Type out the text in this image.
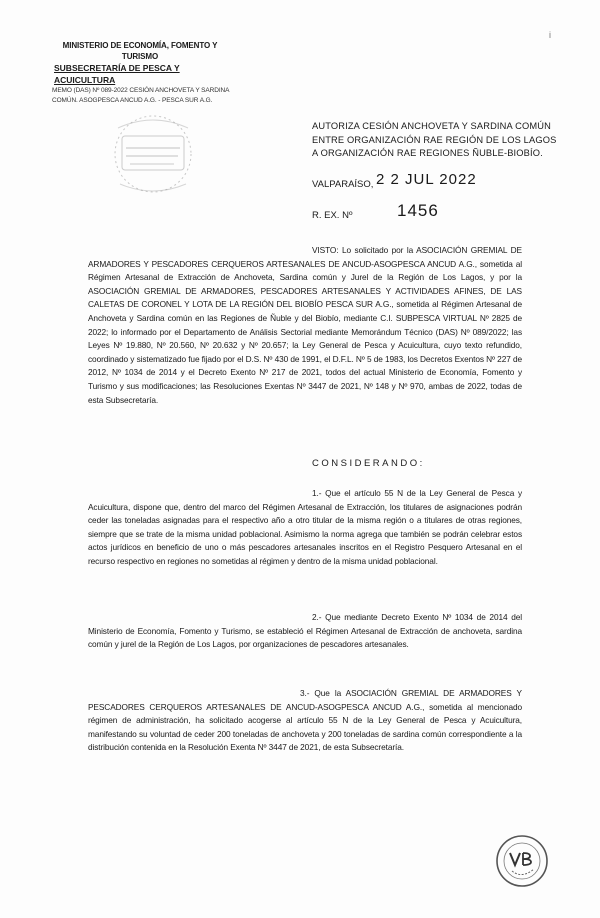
i
MINISTERIO DE ECONOMÍA, FOMENTO Y
TURISMO
SUBSECRETARÍA DE PESCA Y ACUICULTURA
MEMO (DAS) Nº 089-2022 CESIÓN ANCHOVETA Y SARDINA
COMÚN. ASOGPESCA ANCUD A.G. - PESCA SUR A.G.
AUTORIZA CESIÓN ANCHOVETA Y SARDINA COMÚN ENTRE ORGANIZACIÓN RAE REGIÓN DE LOS LAGOS A ORGANIZACIÓN RAE REGIONES ÑUBLE-BIOBÍO.
VALPARAÍSO, 2 2 JUL 2022
R. EX. Nº	1456
VISTO: Lo solicitado por la ASOCIACIÓN GREMIAL DE ARMADORES Y PESCADORES CERQUEROS ARTESANALES DE ANCUD-ASOGPESCA ANCUD A.G., sometida al Régimen Artesanal de Extracción de Anchoveta, Sardina común y Jurel de la Región de Los Lagos, y por la ASOCIACIÓN GREMIAL DE ARMADORES, PESCADORES ARTESANALES Y ACTIVIDADES AFINES, DE LAS CALETAS DE CORONEL Y LOTA DE LA REGIÓN DEL BIOBÍO PESCA SUR A.G., sometida al Régimen Artesanal de Anchoveta y Sardina común en las Regiones de Ñuble y del Biobío, mediante C.I. SUBPESCA VIRTUAL Nº 2825 de 2022; lo informado por el Departamento de Análisis Sectorial mediante Memorándum Técnico (DAS) Nº 089/2022; las Leyes Nº 19.880, Nº 20.560, Nº 20.632 y Nº 20.657; la Ley General de Pesca y Acuicultura, cuyo texto refundido, coordinado y sistematizado fue fijado por el D.S. Nº 430 de 1991, el D.F.L. Nº 5 de 1983, los Decretos Exentos Nº 227 de 2012, Nº 1034 de 2014 y el Decreto Exento Nº 217 de 2021, todos del actual Ministerio de Economía, Fomento y Turismo y sus modificaciones; las Resoluciones Exentas Nº 3447 de 2021, Nº 148 y Nº 970, ambas de 2022, todas de esta Subsecretaría.
CONSIDERANDO:
1.- Que el artículo 55 N de la Ley General de Pesca y Acuicultura, dispone que, dentro del marco del Régimen Artesanal de Extracción, los titulares de asignaciones podrán ceder las toneladas asignadas para el respectivo año a otro titular de la misma región o a titulares de otras regiones, siempre que se trate de la misma unidad poblacional. Asimismo la norma agrega que también se podrán celebrar estos actos jurídicos en beneficio de uno o más pescadores artesanales inscritos en el Registro Pesquero Artesanal en el recurso respectivo en regiones no sometidas al régimen y dentro de la misma unidad poblacional.
2.- Que mediante Decreto Exento Nº 1034 de 2014 del Ministerio de Economía, Fomento y Turismo, se estableció el Régimen Artesanal de Extracción de anchoveta, sardina común y jurel de la Región de Los Lagos, por organizaciones de pescadores artesanales.
3.- Que la ASOCIACIÓN GREMIAL DE ARMADORES Y PESCADORES CERQUEROS ARTESANALES DE ANCUD-ASOGPESCA ANCUD A.G., sometida al mencionado régimen de administración, ha solicitado acogerse al artículo 55 N de la Ley General de Pesca y Acuicultura, manifestando su voluntad de ceder 200 toneladas de anchoveta y 200 toneladas de sardina común correspondiente a la distribución contenida en la Resolución Exenta Nº 3447 de 2021, de esta Subsecretaría.
